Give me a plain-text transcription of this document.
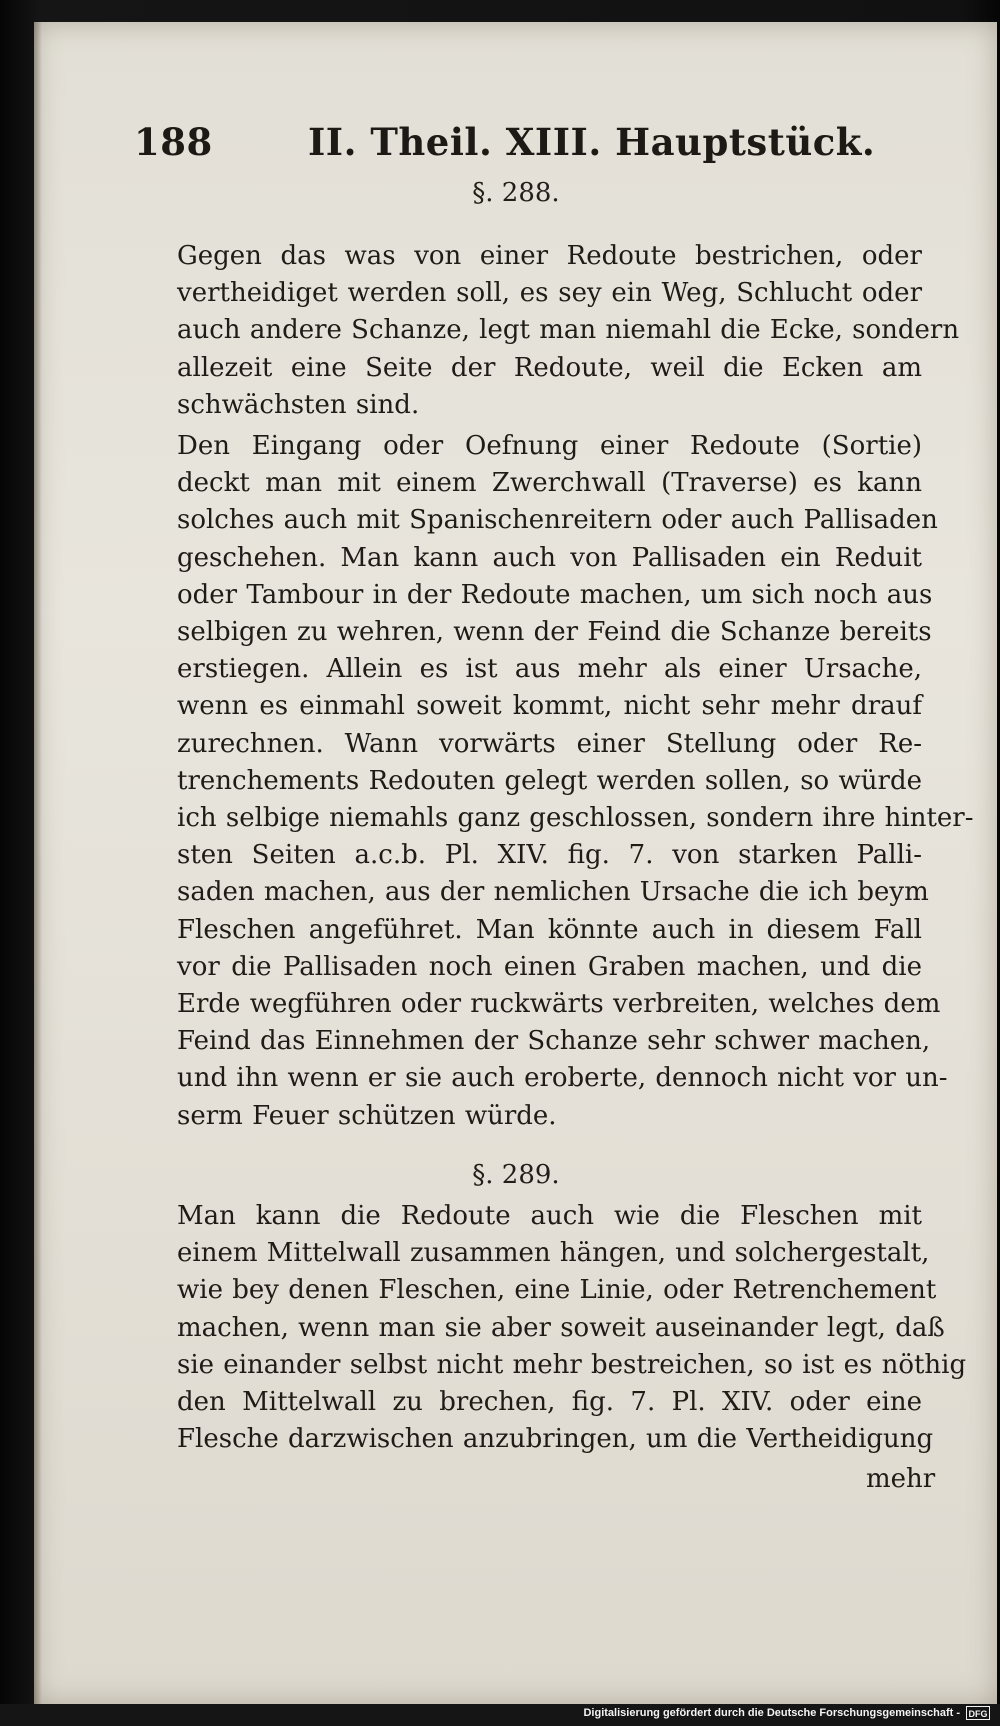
188	II. Theil. XIII. Hauptstück.
§. 288.
Gegen das was von einer Redoute bestrichen, oder
vertheidiget werden soll, es sey ein Weg, Schlucht oder
auch andere Schanze, legt man niemahl die Ecke, sondern
allezeit eine Seite der Redoute, weil die Ecken am
schwächsten sind.
Den Eingang oder Oefnung einer Redoute (Sortie)
deckt man mit einem Zwerchwall (Traverse) es kann
solches auch mit Spanischenreitern oder auch Pallisaden
geschehen. Man kann auch von Pallisaden ein Reduit
oder Tambour in der Redoute machen, um sich noch aus
selbigen zu wehren, wenn der Feind die Schanze bereits
erstiegen. Allein es ist aus mehr als einer Ursache,
wenn es einmahl soweit kommt, nicht sehr mehr drauf
zurechnen. Wann vorwärts einer Stellung oder Re-
trenchements Redouten gelegt werden sollen, so würde
ich selbige niemahls ganz geschlossen, sondern ihre hinter-
sten Seiten a.c.b. Pl. XIV. fig. 7. von starken Palli-
saden machen, aus der nemlichen Ursache die ich beym
Fleschen angeführet. Man könnte auch in diesem Fall
vor die Pallisaden noch einen Graben machen, und die
Erde wegführen oder ruckwärts verbreiten, welches dem
Feind das Einnehmen der Schanze sehr schwer machen,
und ihn wenn er sie auch eroberte, dennoch nicht vor un-
serm Feuer schützen würde.
§. 289.
Man kann die Redoute auch wie die Fleschen mit
einem Mittelwall zusammen hängen, und solchergestalt,
wie bey denen Fleschen, eine Linie, oder Retrenchement
machen, wenn man sie aber soweit auseinander legt, daß
sie einander selbst nicht mehr bestreichen, so ist es nöthig
den Mittelwall zu brechen, fig. 7. Pl. XIV. oder eine
Flesche darzwischen anzubringen, um die Vertheidigung
mehr
Digitalisierung gefördert durch die Deutsche Forschungsgemeinschaft - DFG
